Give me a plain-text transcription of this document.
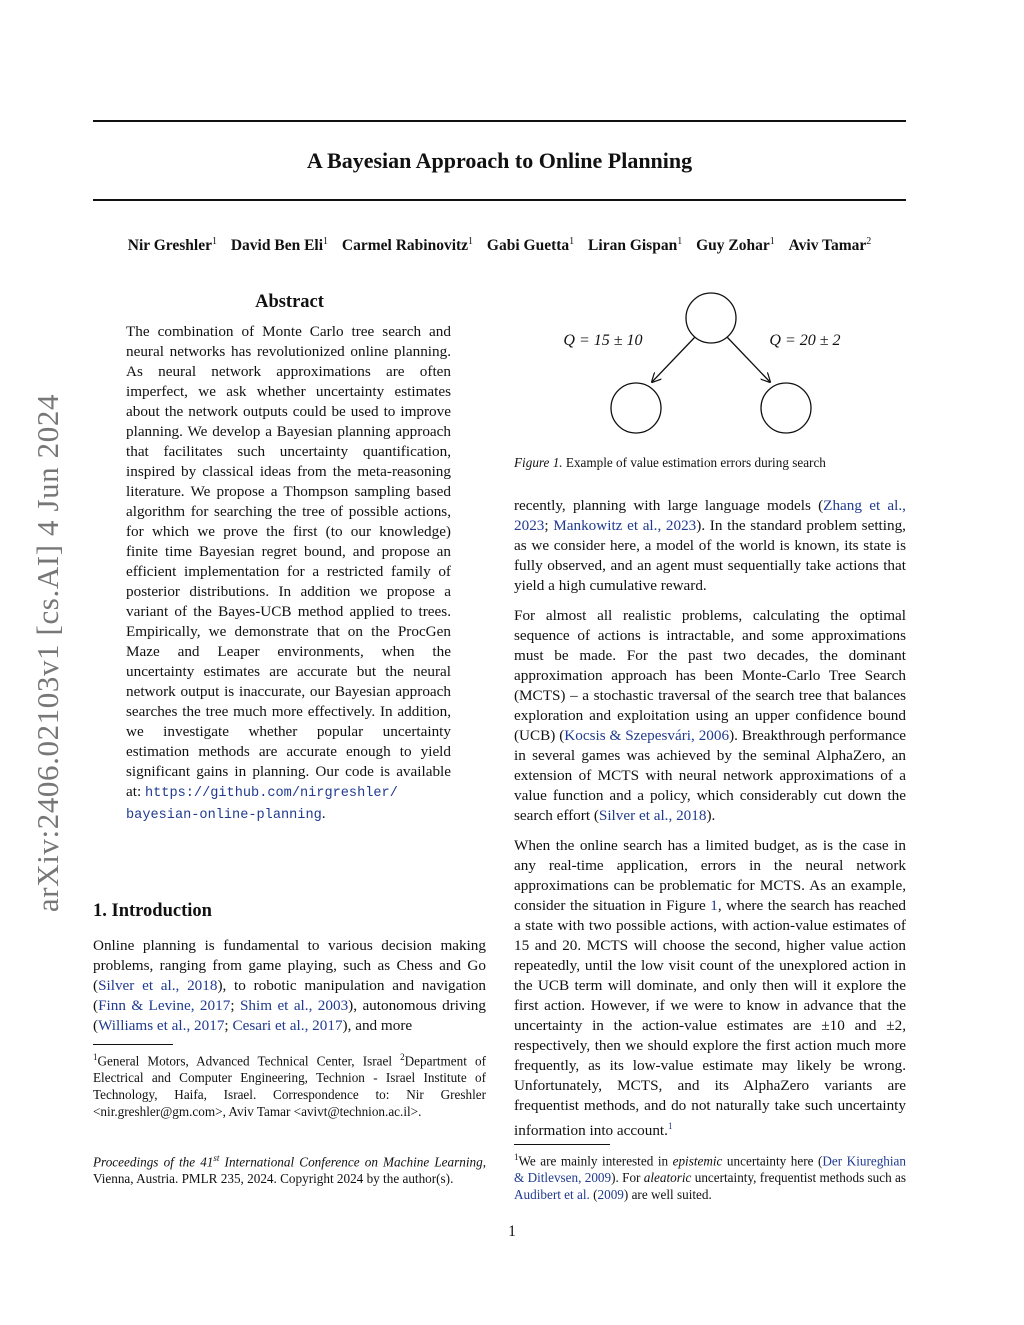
A Bayesian Approach to Online Planning
Nir Greshler$^1$ David Ben Eli$^1$ Carmel Rabinovitz$^1$ Gabi Guetta$^1$ Liran Gispan$^1$ Guy Zohar$^1$ Aviv Tamar$^2$
arXiv:2406.02103v1 [cs.AI] 4 Jun 2024
Abstract

The combination of Monte Carlo tree search and neural networks has revolutionized online planning. As neural network approximations are often imperfect, we ask whether uncertainty estimates about the network outputs could be used to improve planning. We develop a Bayesian planning approach that facilitates such uncertainty quantification, inspired by classical ideas from the meta-reasoning literature. We propose a Thompson sampling based algorithm for searching the tree of possible actions, for which we prove the first (to our knowledge) finite time Bayesian regret bound, and propose an efficient implementation for a restricted family of posterior distributions. In addition we propose a variant of the Bayes-UCB method applied to trees. Empirically, we demonstrate that on the ProcGen Maze and Leaper environments, when the uncertainty estimates are accurate but the neural network output is inaccurate, our Bayesian approach searches the tree much more effectively. In addition, we investigate whether popular uncertainty estimation methods are accurate enough to yield significant gains in planning. Our code is available at: https://github.com/nirgreshler/
bayesian-online-planning.

1. Introduction

Online planning is fundamental to various decision making problems, ranging from game playing, such as Chess and Go (Silver et al., 2018), to robotic manipulation and navigation (Finn & Levine, 2017; Shim et al., 2003), autonomous driving (Williams et al., 2017; Cesari et al., 2017), and more

$^1$General Motors, Advanced Technical Center, Israel $^2$Department of Electrical and Computer Engineering, Technion - Israel Institute of Technology, Haifa, Israel. Correspondence to: Nir Greshler <nir.greshler@gm.com>, Aviv Tamar <avivt@technion.ac.il>.

Proceedings of the 41st International Conference on Machine Learning, Vienna, Austria. PMLR 235, 2024. Copyright 2024 by the author(s).

Q = 15 ± 10	Q = 20 ± 2

Figure 1. Example of value estimation errors during search

recently, planning with large language models (Zhang et al., 2023; Mankowitz et al., 2023). In the standard problem setting, as we consider here, a model of the world is known, its state is fully observed, and an agent must sequentially take actions that yield a high cumulative reward.

For almost all realistic problems, calculating the optimal sequence of actions is intractable, and some approximations must be made. For the past two decades, the dominant approximation approach has been Monte-Carlo Tree Search (MCTS) – a stochastic traversal of the search tree that balances exploration and exploitation using an upper confidence bound (UCB) (Kocsis & Szepesvári, 2006). Breakthrough performance in several games was achieved by the seminal AlphaZero, an extension of MCTS with neural network approximations of a value function and a policy, which considerably cut down the search effort (Silver et al., 2018).

When the online search has a limited budget, as is the case in any real-time application, errors in the neural network approximations can be problematic for MCTS. As an example, consider the situation in Figure 1, where the search has reached a state with two possible actions, with action-value estimates of 15 and 20. MCTS will choose the second, higher value action repeatedly, until the low visit count of the unexplored action in the UCB term will dominate, and only then will it explore the first action. However, if we were to know in advance that the uncertainty in the action-value estimates are ±10 and ±2, respectively, then we should explore the first action much more frequently, as its low-value estimate may likely be wrong. Unfortunately, MCTS, and its AlphaZero variants are frequentist methods, and do not naturally take such uncertainty information into account.$^1$

$^1$We are mainly interested in epistemic uncertainty here (Der Kiureghian & Ditlevsen, 2009). For aleatoric uncertainty, frequentist methods such as Audibert et al. (2009) are well suited.

1
